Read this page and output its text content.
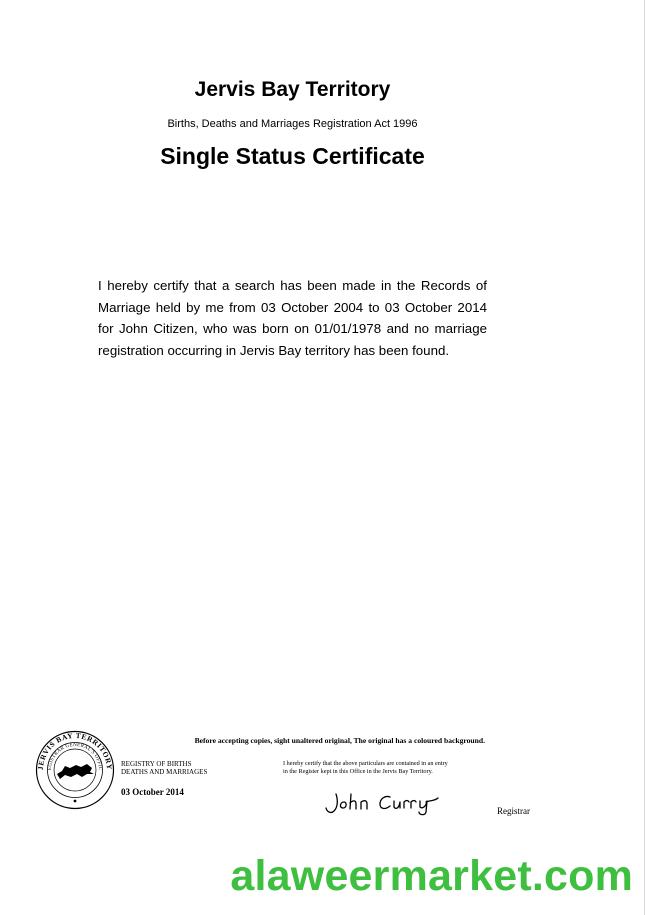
Jervis Bay Territory
Births, Deaths and Marriages Registration Act 1996
Single Status Certificate
I hereby certify that a search has been made in the Records of Marriage held by me from 03 October 2004 to 03 October 2014 for John Citizen, who was born on 01/01/1978 and no marriage registration occurring in Jervis Bay territory has been found.
Before accepting copies, sight unaltered original, The original has a coloured background.
JERVIS BAY TERRITORY
EGISTRAR GENERAL'S OFFIC
REGISTRY OF BIRTHS
DEATHS AND MARRIAGES
03 October 2014
I hereby certify that the above particulars are contained in an entry
in the Register kept in this Office in the Jervis Bay Territory.
Registrar
alaweermarket.com
